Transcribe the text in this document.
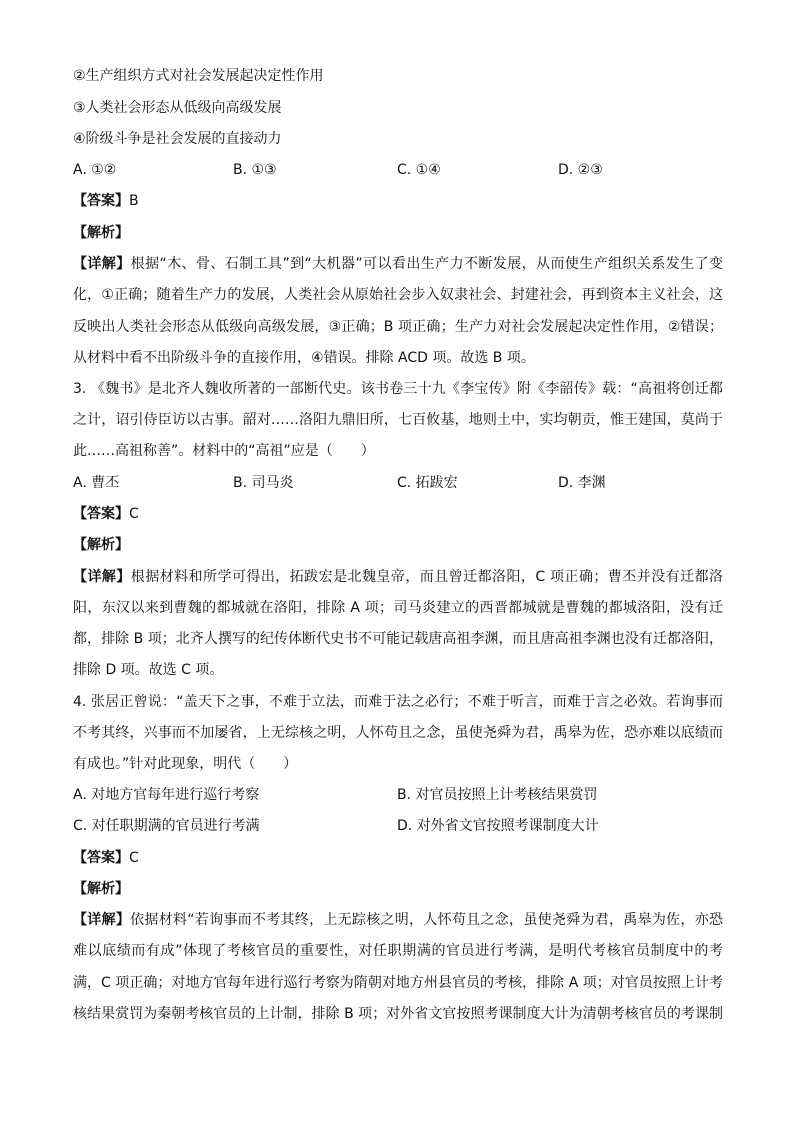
②生产组织方式对社会发展起决定性作用
③人类社会形态从低级向高级发展
④阶级斗争是社会发展的直接动力
A. ①②	B. ①③	C. ①④	D. ②③
【答案】B
【解析】
【详解】根据“木、骨、石制工具”到“大机器”可以看出生产力不断发展，从而使生产组织关系发生了变
化，①正确；随着生产力的发展，人类社会从原始社会步入奴隶社会、封建社会，再到资本主义社会，这
反映出人类社会形态从低级向高级发展，③正确；B 项正确；生产力对社会发展起决定性作用，②错误；
从材料中看不出阶级斗争的直接作用，④错误。排除 ACD 项。故选 B 项。
3. 《魏书》是北齐人魏收所著的一部断代史。该书卷三十九《李宝传》附《李韶传》载：“高祖将创迁都
之计，诏引侍臣访以古事。韶对……洛阳九鼎旧所，七百攸基，地则土中，实均朝贡，惟王建国，莫尚于
此……高祖称善”。材料中的“高祖”应是（　　）
A. 曹丕	B. 司马炎	C. 拓跋宏	D. 李渊
【答案】C
【解析】
【详解】根据材料和所学可得出，拓跋宏是北魏皇帝，而且曾迁都洛阳，C 项正确；曹丕并没有迁都洛
阳，东汉以来到曹魏的都城就在洛阳，排除 A 项；司马炎建立的西晋都城就是曹魏的都城洛阳，没有迁
都，排除 B 项；北齐人撰写的纪传体断代史书不可能记载唐高祖李渊，而且唐高祖李渊也没有迁都洛阳，
排除 D 项。故选 C 项。
4. 张居正曾说：“盖天下之事，不难于立法，而难于法之必行；不难于听言，而难于言之必效。若询事而
不考其终，兴事而不加屡省，上无综核之明，人怀苟且之念，虽使尧舜为君，禹皋为佐，恐亦难以底绩而
有成也。”针对此现象，明代（　　）
A. 对地方官每年进行巡行考察	B. 对官员按照上计考核结果赏罚
C. 对任职期满的官员进行考满	D. 对外省文官按照考课制度大计
【答案】C
【解析】
【详解】依据材料“若询事而不考其终，上无踪核之明，人怀苟且之念，虽使尧舜为君，禹皋为佐，亦恐
难以底绩而有成”体现了考核官员的重要性，对任职期满的官员进行考满，是明代考核官员制度中的考
满，C 项正确；对地方官每年进行巡行考察为隋朝对地方州县官员的考核，排除 A 项；对官员按照上计考
核结果赏罚为秦朝考核官员的上计制，排除 B 项；对外省文官按照考课制度大计为清朝考核官员的考课制
